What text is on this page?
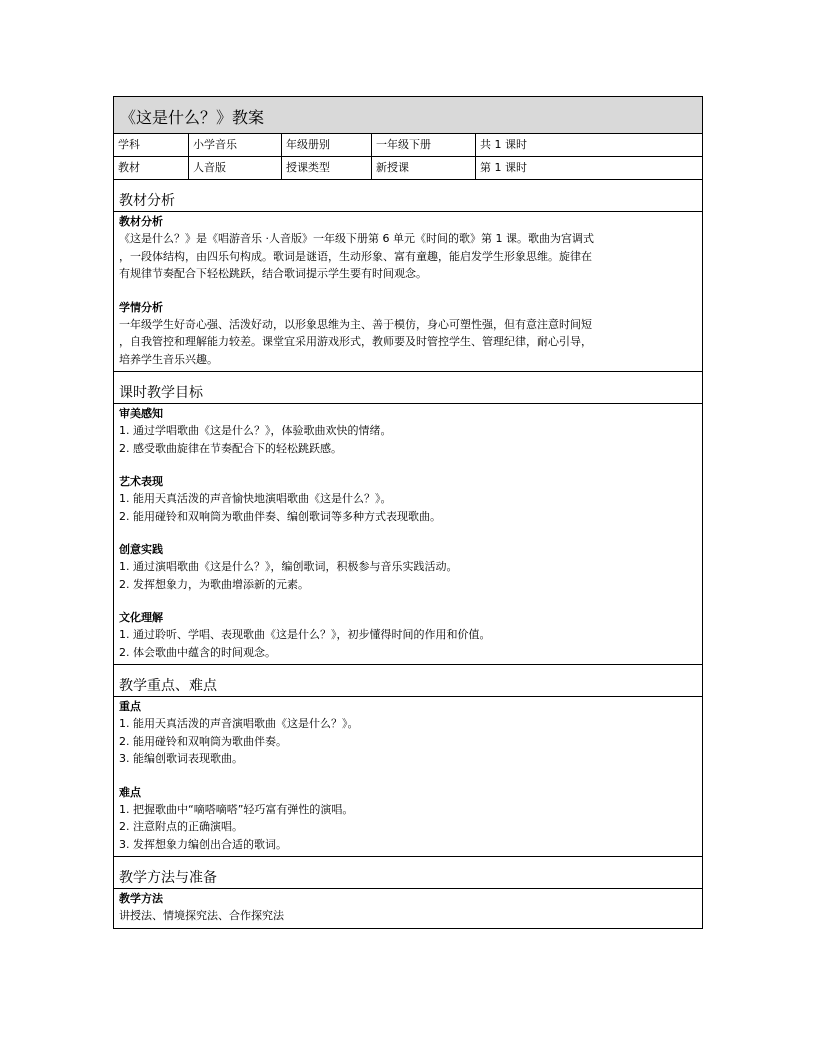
《这是什么？》教案
学科	小学音乐	年级册别	一年级下册	共 1 课时
教材	人音版	授课类型	新授课	第 1 课时
教材分析
教材分析
《这是什么？》是《唱游音乐 ·人音版》一年级下册第 6 单元《时间的歌》第 1 课。歌曲为宫调式
，一段体结构，由四乐句构成。歌词是谜语，生动形象、富有童趣，能启发学生形象思维。旋律在
有规律节奏配合下轻松跳跃，结合歌词提示学生要有时间观念。
学情分析
一年级学生好奇心强、活泼好动，以形象思维为主、善于模仿，身心可塑性强，但有意注意时间短
，自我管控和理解能力较差。课堂宜采用游戏形式，教师要及时管控学生、管理纪律，耐心引导，
培养学生音乐兴趣。
课时教学目标
审美感知
1. 通过学唱歌曲《这是什么？》，体验歌曲欢快的情绪。
2. 感受歌曲旋律在节奏配合下的轻松跳跃感。
艺术表现
1. 能用天真活泼的声音愉快地演唱歌曲《这是什么？》。
2. 能用碰铃和双响筒为歌曲伴奏、编创歌词等多种方式表现歌曲。
创意实践
1. 通过演唱歌曲《这是什么？》，编创歌词，积极参与音乐实践活动。
2. 发挥想象力，为歌曲增添新的元素。
文化理解
1. 通过聆听、学唱、表现歌曲《这是什么？》，初步懂得时间的作用和价值。
2. 体会歌曲中蕴含的时间观念。
教学重点、难点
重点
1. 能用天真活泼的声音演唱歌曲《这是什么？》。
2. 能用碰铃和双响筒为歌曲伴奏。
3. 能编创歌词表现歌曲。
难点
1. 把握歌曲中“嘀嗒嘀嗒”轻巧富有弹性的演唱。
2. 注意附点的正确演唱。
3. 发挥想象力编创出合适的歌词。
教学方法与准备
教学方法
讲授法、情境探究法、合作探究法
